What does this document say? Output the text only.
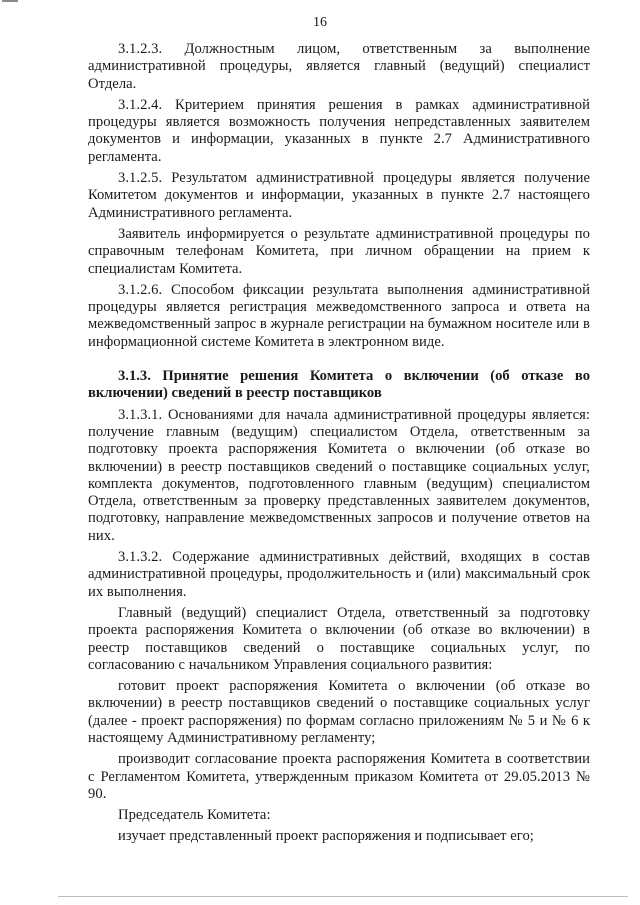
16

3.1.2.3. Должностным лицом, ответственным за выполнение административной процедуры, является главный (ведущий) специалист Отдела.

3.1.2.4. Критерием принятия решения в рамках административной процедуры является возможность получения непредставленных заявителем документов и информации, указанных в пункте 2.7 Административного регламента.

3.1.2.5. Результатом административной процедуры является получение Комитетом документов и информации, указанных в пункте 2.7 настоящего Административного регламента.

Заявитель информируется о результате административной процедуры по справочным телефонам Комитета, при личном обращении на прием к специалистам Комитета.

3.1.2.6. Способом фиксации результата выполнения административной процедуры является регистрация межведомственного запроса и ответа на межведомственный запрос в журнале регистрации на бумажном носителе или в информационной системе Комитета в электронном виде.

3.1.3. Принятие решения Комитета о включении (об отказе во включении) сведений в реестр поставщиков

3.1.3.1. Основаниями для начала административной процедуры является: получение главным (ведущим) специалистом Отдела, ответственным за подготовку проекта распоряжения Комитета о включении (об отказе во включении) в реестр поставщиков сведений о поставщике социальных услуг, комплекта документов, подготовленного главным (ведущим) специалистом Отдела, ответственным за проверку представленных заявителем документов, подготовку, направление межведомственных запросов и получение ответов на них.

3.1.3.2. Содержание административных действий, входящих в состав административной процедуры, продолжительность и (или) максимальный срок их выполнения.

Главный (ведущий) специалист Отдела, ответственный за подготовку проекта распоряжения Комитета о включении (об отказе во включении) в реестр поставщиков сведений о поставщике социальных услуг, по согласованию с начальником Управления социального развития:

готовит проект распоряжения Комитета о включении (об отказе во включении) в реестр поставщиков сведений о поставщике социальных услуг (далее - проект распоряжения) по формам согласно приложениям № 5 и № 6 к настоящему Административному регламенту;

производит согласование проекта распоряжения Комитета в соответствии с Регламентом Комитета, утвержденным приказом Комитета от 29.05.2013 № 90.

Председатель Комитета:

изучает представленный проект распоряжения и подписывает его;
